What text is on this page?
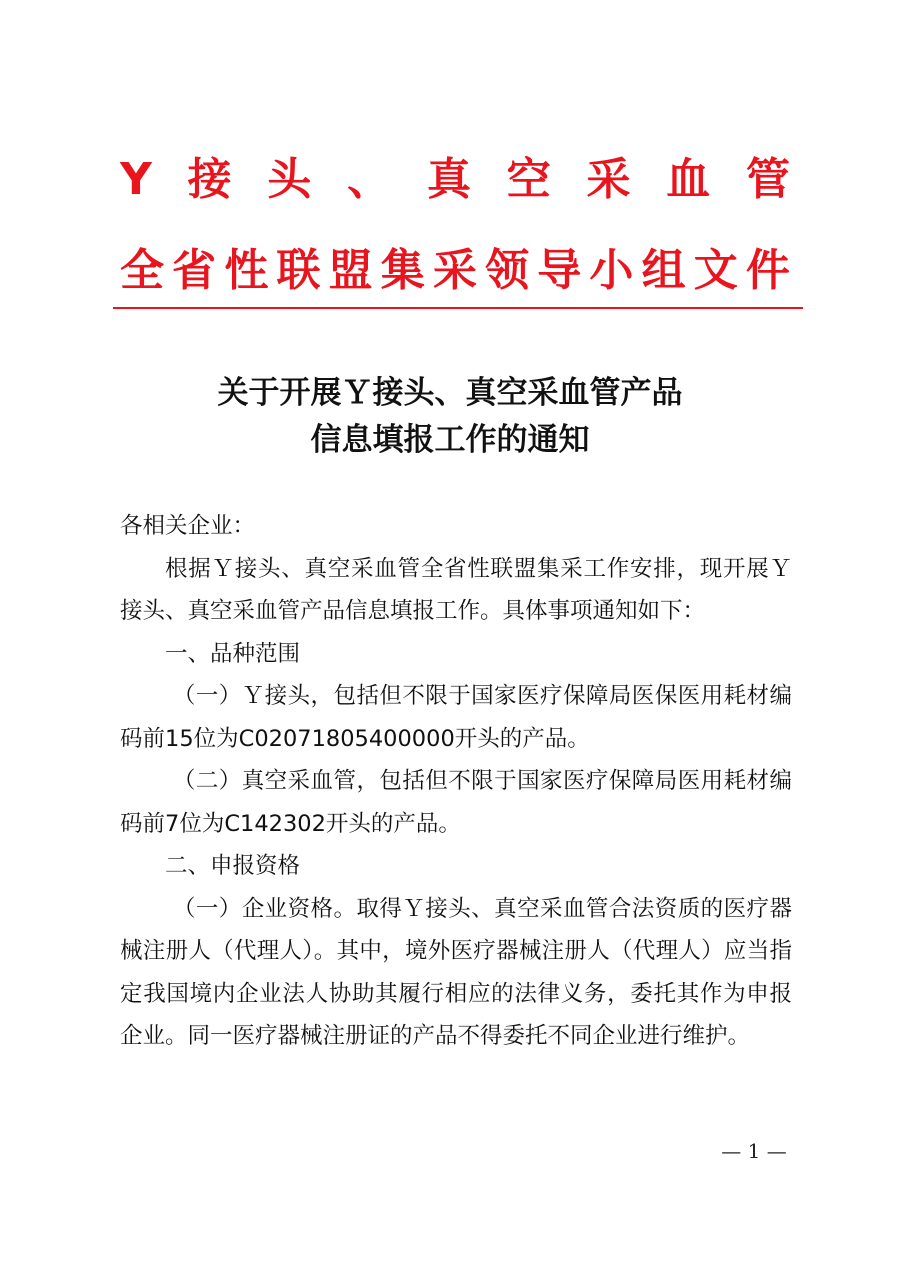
Y 接 头 、 真 空 采 血 管
全 省 性 联 盟 集 采 领 导 小 组 文 件
关于开展Ｙ接头、真空采血管产品
信息填报工作的通知

各相关企业：

根据Ｙ接头、真空采血管全省性联盟集采工作安排，现开展Ｙ接头、真空采血管产品信息填报工作。具体事项通知如下：

一、品种范围

（一）Ｙ接头，包括但不限于国家医疗保障局医保医用耗材编码前15位为C02071805400000开头的产品。

（二）真空采血管，包括但不限于国家医疗保障局医用耗材编码前7位为C142302开头的产品。

二、申报资格

（一）企业资格。取得Ｙ接头、真空采血管合法资质的医疗器械注册人（代理人）。其中，境外医疗器械注册人（代理人）应当指定我国境内企业法人协助其履行相应的法律义务，委托其作为申报企业。同一医疗器械注册证的产品不得委托不同企业进行维护。

— 1 —
